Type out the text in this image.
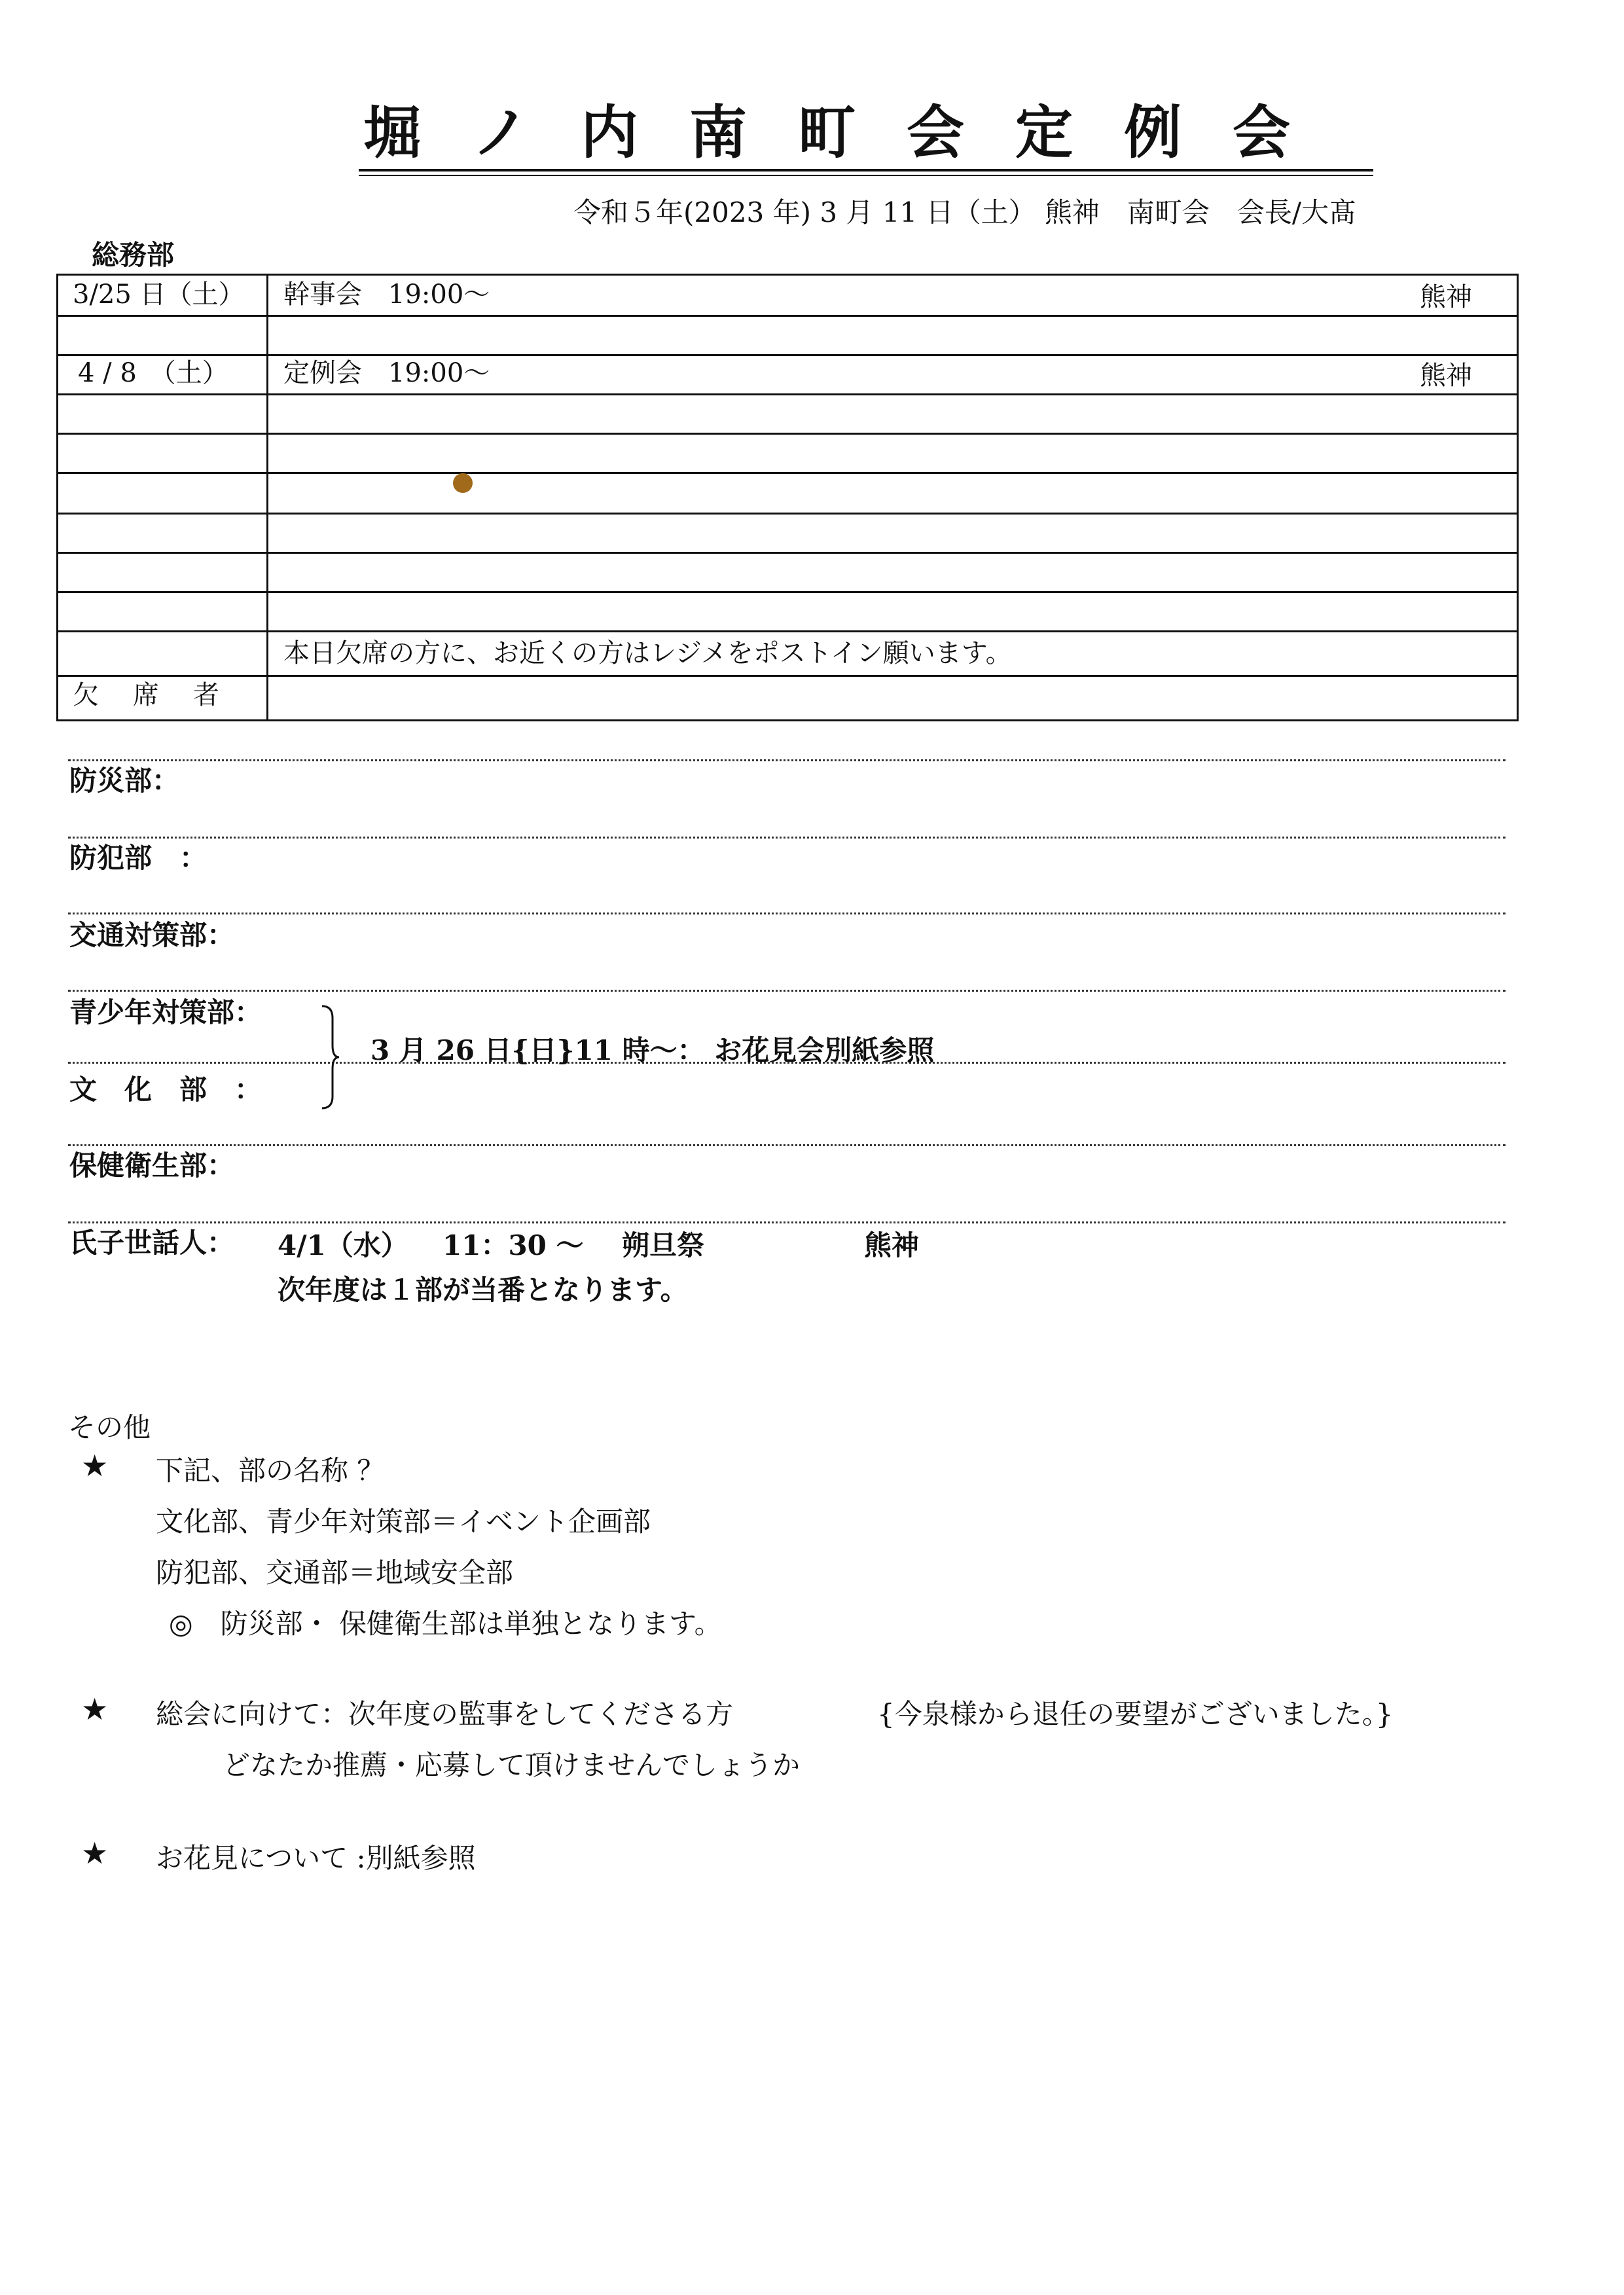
堀ノ内南町会定例会
令和５年(2023 年) 3 月 11 日（土） 熊神　南町会　会長/大髙
総務部
3/25 日（土） 幹事会　19:00～	熊神
4 / 8　（土） 定例会　19:00～	熊神
本日欠席の方に、お近くの方はレジメをポストイン願います。
欠　席　者
防災部：
防犯部　：
交通対策部：
青少年対策部：
文　化　部　：
3 月 26 日{日}11 時～： お花見会別紙参照
保健衛生部：
氏子世話人： 4/1（水） 11：30 ～ 朔旦祭	熊神
次年度は１部が当番となります。
その他
★ 下記、部の名称 ？
文化部、青少年対策部＝イベント企画部
防犯部、交通部＝地域安全部
◎　防災部・ 保健衛生部は単独となります。
★ 総会に向けて：次年度の監事をしてくださる方	{今泉様から退任の要望がございました。}
どなたか推薦・応募して頂けませんでしょうか
★ お花見について :別紙参照
